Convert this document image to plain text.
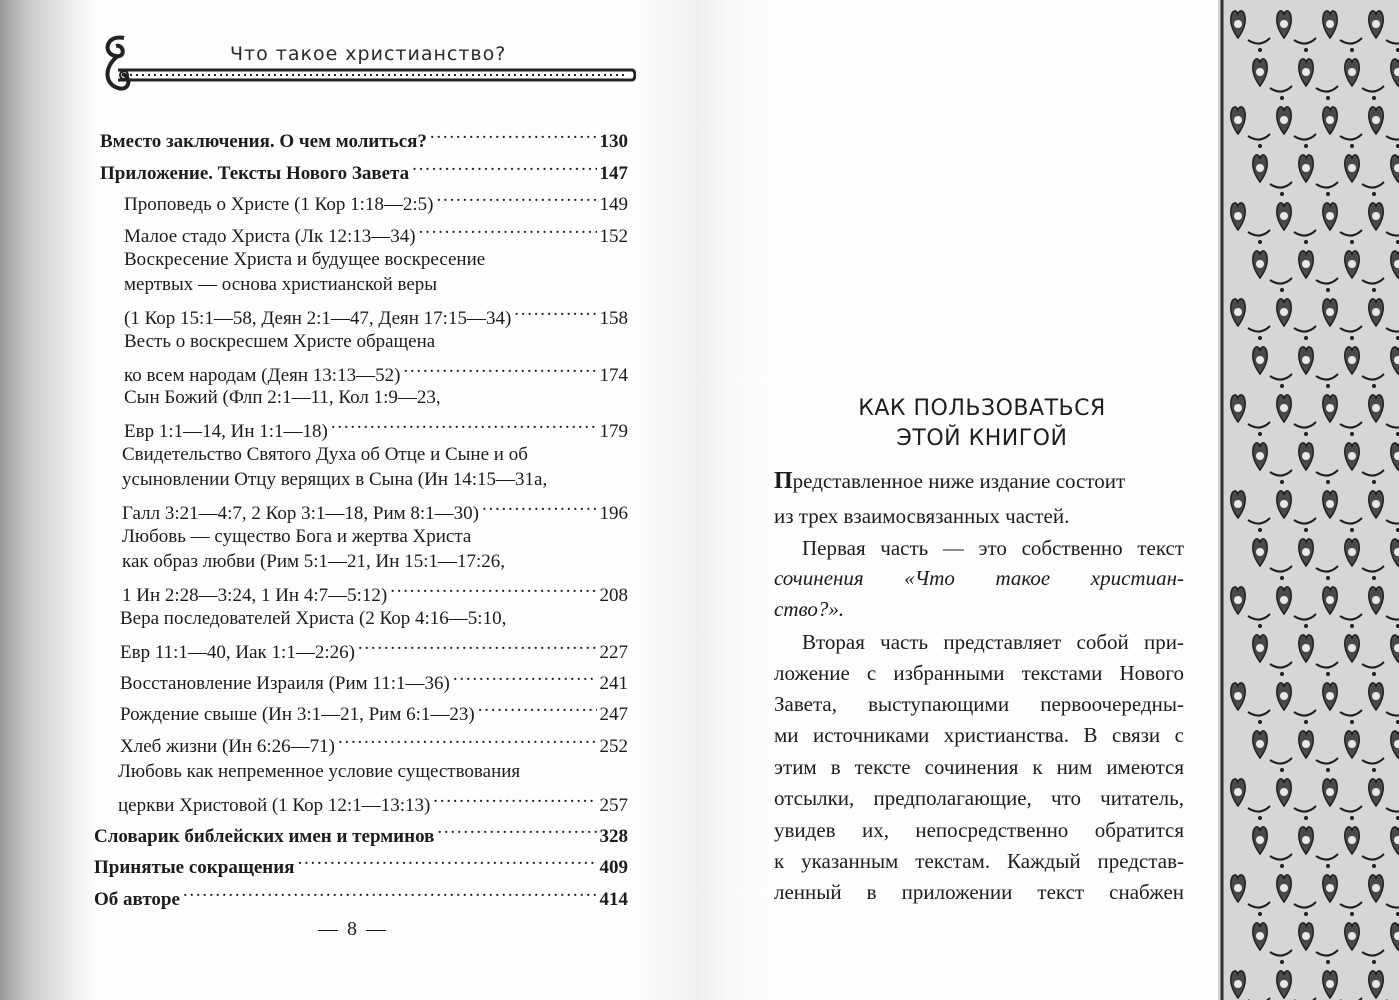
Что такое христианство?
Вместо заключения. О чем молиться? . . .	130
Приложение. Тексты Нового Завета . . .	147
Проповедь о Христе (1 Кор 1:18—2:5) . . .	149
Малое стадо Христа (Лк 12:13—34) . . .	152
Воскресение Христа и будущее воскресение
мертвых — основа христианской веры
(1 Кор 15:1—58, Деян 2:1—47, Деян 17:15—34) . . .	158
Весть о воскресшем Христе обращена
ко всем народам (Деян 13:13—52) . . .	174
Сын Божий (Флп 2:1—11, Кол 1:9—23,
Евр 1:1—14, Ин 1:1—18) . . .	179
Свидетельство Святого Духа об Отце и Сыне и об
усыновлении Отцу верящих в Сына (Ин 14:15—31а,
Галл 3:21—4:7, 2 Кор 3:1—18, Рим 8:1—30) . . .	196
Любовь — существо Бога и жертва Христа
как образ любви (Рим 5:1—21, Ин 15:1—17:26,
1 Ин 2:28—3:24, 1 Ин 4:7—5:12) . . .	208
Вера последователей Христа (2 Кор 4:16—5:10,
Евр 11:1—40, Иак 1:1—2:26) . . .	227
Восстановление Израиля (Рим 11:1—36) . . .	241
Рождение свыше (Ин 3:1—21, Рим 6:1—23) . . .	247
Хлеб жизни (Ин 6:26—71) . . .	252
Любовь как непременное условие существования
церкви Христовой (1 Кор 12:1—13:13) . . .	257
Словарик библейских имен и терминов . . .	328
Принятые сокращения . . .	409
Об авторе . . .	414
— 8 —
КАК ПОЛЬЗОВАТЬСЯ
ЭТОЙ КНИГОЙ
Представленное ниже издание состоит
из трех взаимосвязанных частей.
Первая часть — это собственно текст
сочинения «Что такое христиан-
ство?».
Вторая часть представляет собой при-
ложение с избранными текстами Нового
Завета, выступающими первоочередны-
ми источниками христианства. В связи с
этим в тексте сочинения к ним имеются
отсылки, предполагающие, что читатель,
увидев их, непосредственно обратится
к указанным текстам. Каждый представ-
ленный в приложении текст снабжен
